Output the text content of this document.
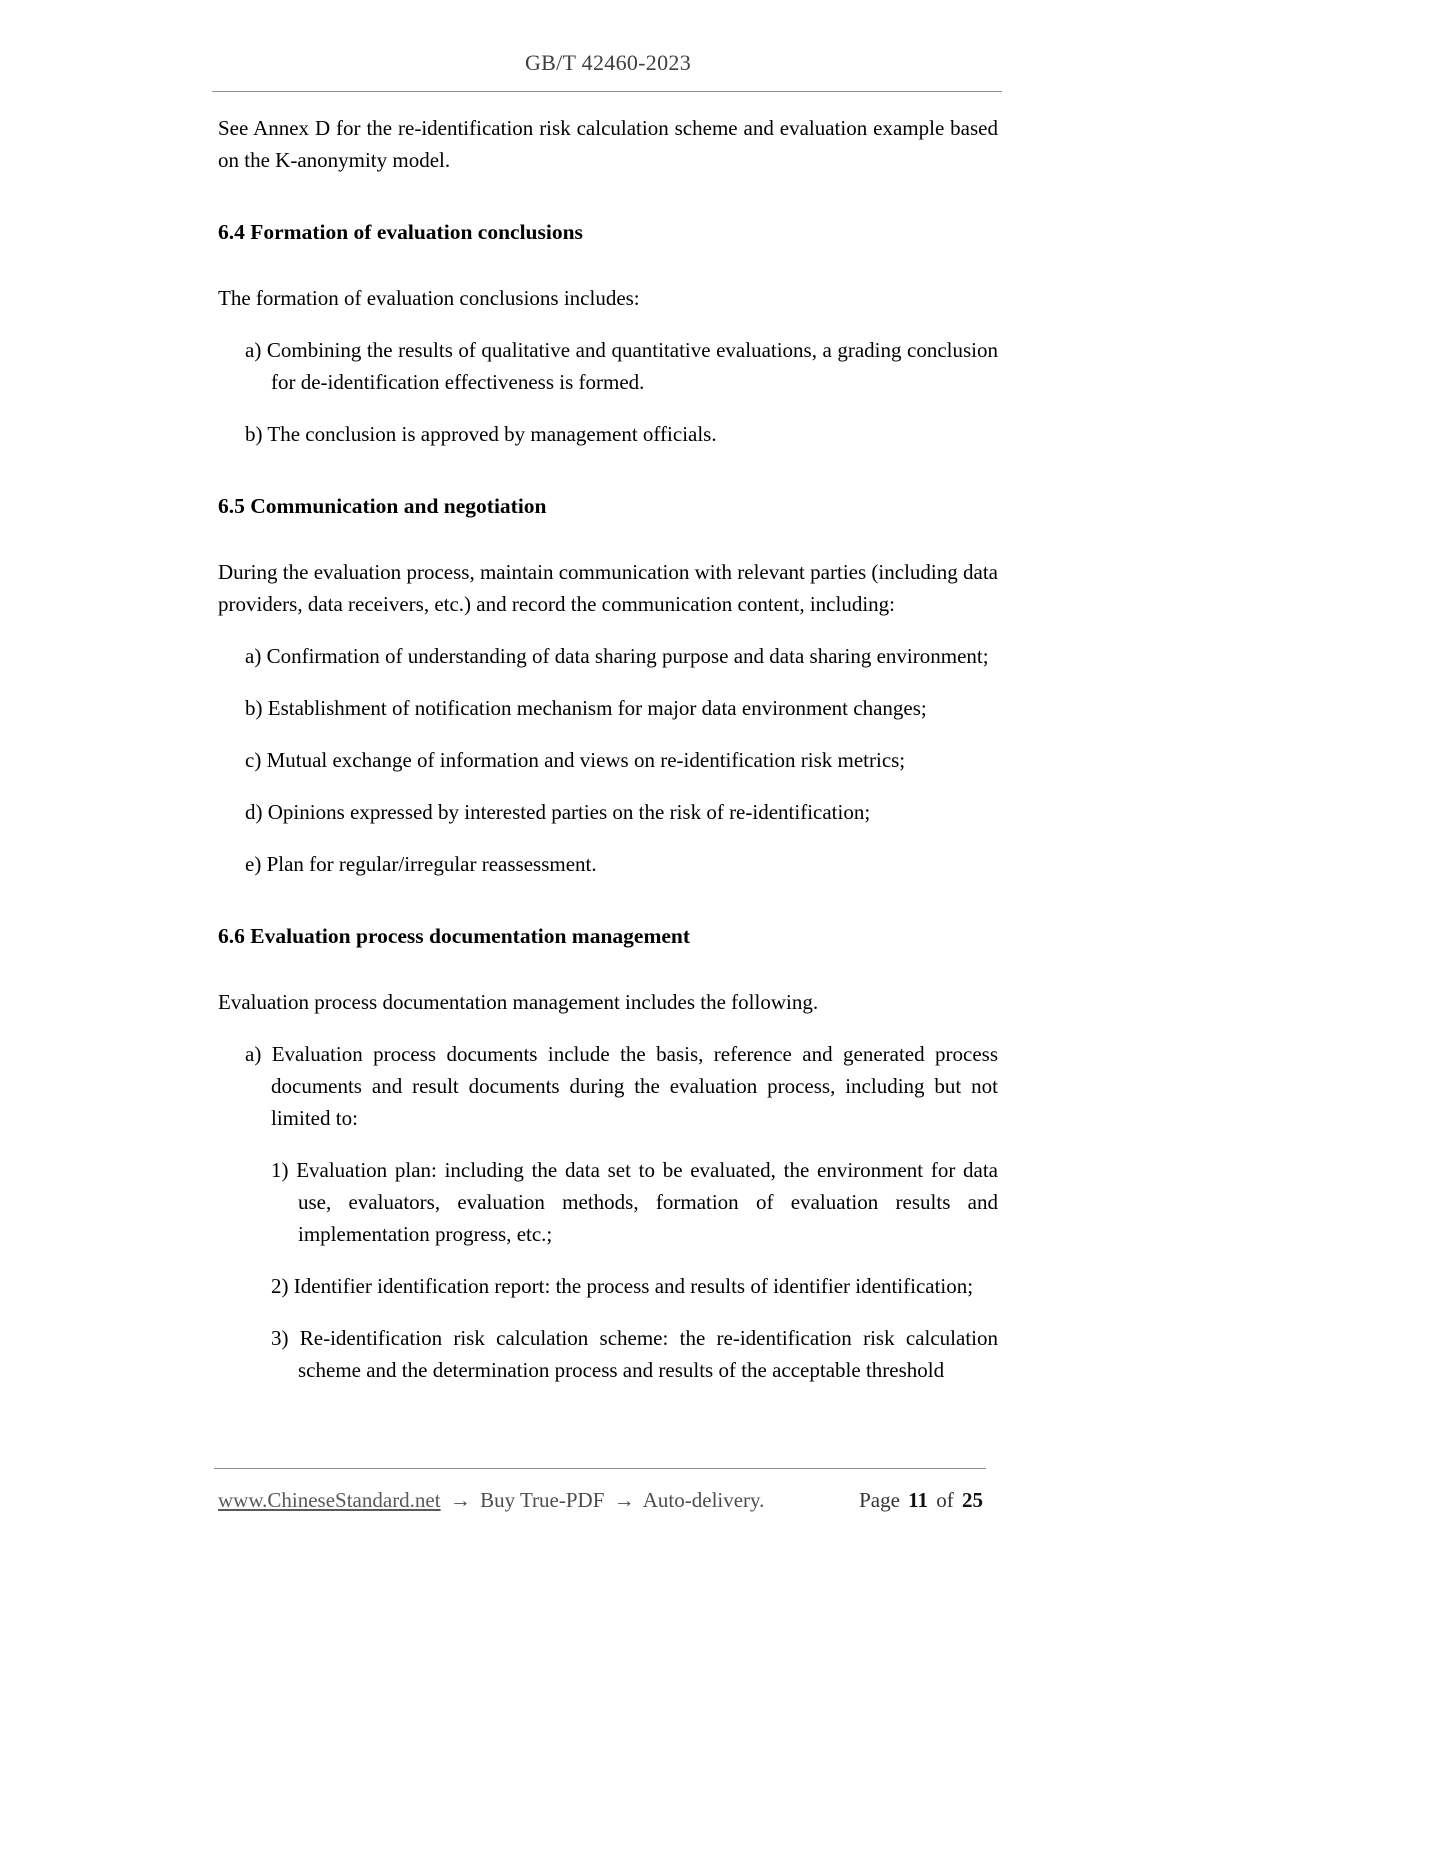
GB/T 42460-2023

See Annex D for the re-identification risk calculation scheme and evaluation example based on the K-anonymity model.

6.4 Formation of evaluation conclusions

The formation of evaluation conclusions includes:

a) Combining the results of qualitative and quantitative evaluations, a grading conclusion for de-identification effectiveness is formed.

b) The conclusion is approved by management officials.

6.5 Communication and negotiation

During the evaluation process, maintain communication with relevant parties (including data providers, data receivers, etc.) and record the communication content, including:

a) Confirmation of understanding of data sharing purpose and data sharing environment;

b) Establishment of notification mechanism for major data environment changes;

c) Mutual exchange of information and views on re-identification risk metrics;

d) Opinions expressed by interested parties on the risk of re-identification;

e) Plan for regular/irregular reassessment.

6.6 Evaluation process documentation management

Evaluation process documentation management includes the following.

a) Evaluation process documents include the basis, reference and generated process documents and result documents during the evaluation process, including but not limited to:

1) Evaluation plan: including the data set to be evaluated, the environment for data use, evaluators, evaluation methods, formation of evaluation results and implementation progress, etc.;

2) Identifier identification report: the process and results of identifier identification;

3) Re-identification risk calculation scheme: the re-identification risk calculation scheme and the determination process and results of the acceptable threshold

www.ChineseStandard.net → Buy True-PDF → Auto-delivery.	Page 11 of 25
